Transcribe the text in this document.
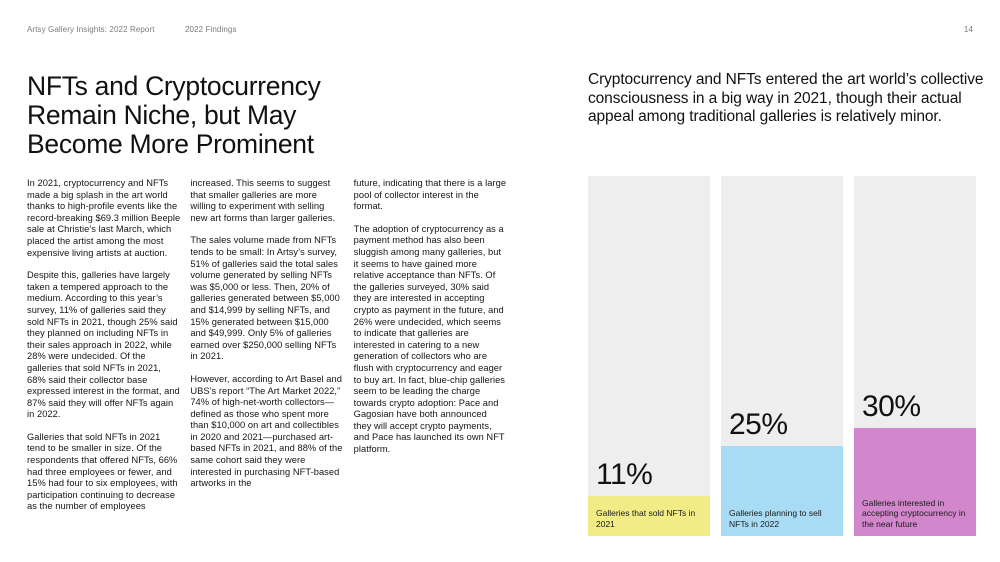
Artsy Gallery Insights: 2022 Report	2022 Findings	14
NFTs and Cryptocurrency Remain Niche, but May Become More Prominent

In 2021, cryptocurrency and NFTs made a big splash in the art world thanks to high-profile events like the record-breaking $69.3 million Beeple sale at Christie’s last March, which placed the artist among the most expensive living artists at auction.

Despite this, galleries have largely taken a tempered approach to the medium. According to this year’s survey, 11% of galleries said they sold NFTs in 2021, though 25% said they planned on including NFTs in their sales approach in 2022, while 28% were undecided. Of the galleries that sold NFTs in 2021, 68% said their collector base expressed interest in the format, and 87% said they will offer NFTs again in 2022.

Galleries that sold NFTs in 2021 tend to be smaller in size. Of the respondents that offered NFTs, 66% had three employees or fewer, and 15% had four to six employees, with participation continuing to decrease as the number of employees

increased. This seems to suggest that smaller galleries are more willing to experiment with selling new art forms than larger galleries.

The sales volume made from NFTs tends to be small: In Artsy’s survey, 51% of galleries said the total sales volume generated by selling NFTs was $5,000 or less. Then, 20% of galleries generated between $5,000 and $14,999 by selling NFTs, and 15% generated between $15,000 and $49,999. Only 5% of galleries earned over $250,000 selling NFTs in 2021.

However, according to Art Basel and UBS’s report “The Art Market 2022,” 74% of high-net-worth collectors—defined as those who spent more than $10,000 on art and collectibles in 2020 and 2021—purchased art-based NFTs in 2021, and 88% of the same cohort said they were interested in purchasing NFT-based artworks in the

future, indicating that there is a large pool of collector interest in the format.

The adoption of cryptocurrency as a payment method has also been sluggish among many galleries, but it seems to have gained more relative acceptance than NFTs. Of the galleries surveyed, 30% said they are interested in accepting crypto as payment in the future, and 26% were undecided, which seems to indicate that galleries are interested in catering to a new generation of collectors who are flush with cryptocurrency and eager to buy art. In fact, blue-chip galleries seem to be leading the charge towards crypto adoption: Pace and Gagosian have both announced they will accept crypto payments, and Pace has launched its own NFT platform.

Cryptocurrency and NFTs entered the art world’s collective consciousness in a big way in 2021, though their actual appeal among traditional galleries is relatively minor.

11%
Galleries that sold NFTs in 2021
25%
Galleries planning to sell NFTs in 2022
30%
Galleries interested in accepting cryptocurrency in the near future
